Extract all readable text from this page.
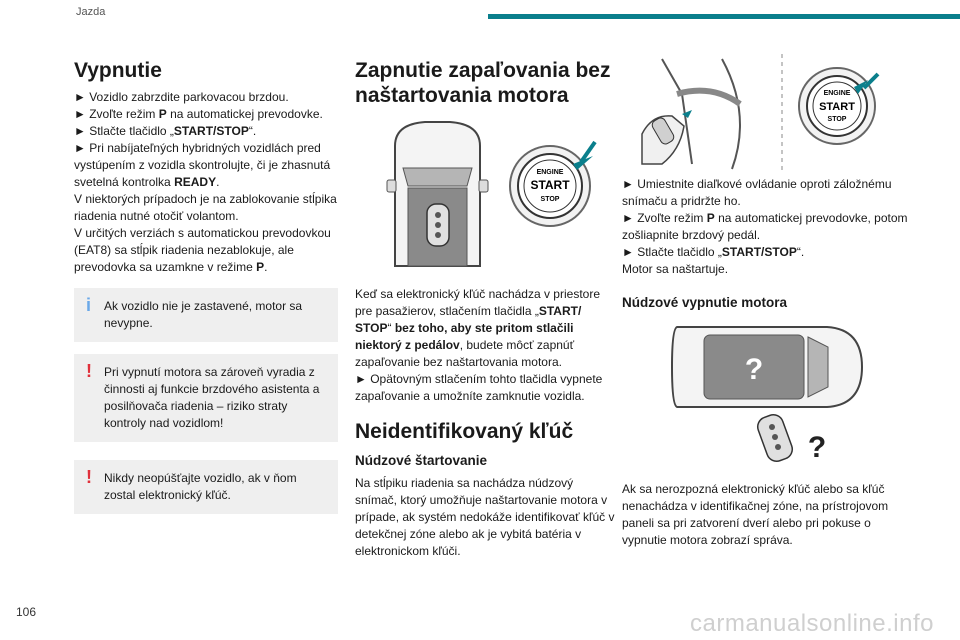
Jazda
Vypnutie

► Vozidlo zabrzdite parkovacou brzdou.

► Zvoľte režim P na automatickej prevodovke.

► Stlačte tlačidlo „START/STOP“.

► Pri nabíjateľných hybridných vozidlách pred vystúpením z vozidla skontrolujte, či je zhasnutá svetelná kontrolka READY.

V niektorých prípadoch je na zablokovanie stĺpika riadenia nutné otočiť volantom.

V určitých verziách s automatickou prevodovkou (EAT8) sa stĺpik riadenia nezablokuje, ale prevodovka sa uzamkne v režime P.

i Ak vozidlo nie je zastavené, motor sa nevypne.

! Pri vypnutí motora sa zároveň vyradia z činnosti aj funkcie brzdového asistenta a posilňovača riadenia – riziko straty kontroly nad vozidlom!

! Nikdy neopúšťajte vozidlo, ak v ňom zostal elektronický kľúč.

Zapnutie zapaľovania bez naštartovania motora
ENGINE
START
STOP

Keď sa elektronický kľúč nachádza v priestore pre pasažierov, stlačením tlačidla „START/ STOP“ bez toho, aby ste pritom stlačili niektorý z pedálov, budete môcť zapnúť zapaľovanie bez naštartovania motora.

► Opätovným stlačením tohto tlačidla vypnete zapaľovanie a umožníte zamknutie vozidla.

Neidentifikovaný kľúč
Núdzové štartovanie

Na stĺpiku riadenia sa nachádza núdzový snímač, ktorý umožňuje naštartovanie motora v prípade, ak systém nedokáže identifikovať kľúč v detekčnej zóne alebo ak je vybitá batéria v elektronickom kľúči.

ENGINE
START
STOP

► Umiestnite diaľkové ovládanie oproti záložnému snímaču a pridržte ho.

► Zvoľte režim P na automatickej prevodovke, potom zošliapnite brzdový pedál.

► Stlačte tlačidlo „START/STOP“.

Motor sa naštartuje.

Núdzové vypnutie motora
?
?

Ak sa nerozpozná elektronický kľúč alebo sa kľúč nenachádza v identifikačnej zóne, na prístrojovom paneli sa pri zatvorení dverí alebo pri pokuse o vypnutie motora zobrazí správa.

106	carmanualsonline.info
